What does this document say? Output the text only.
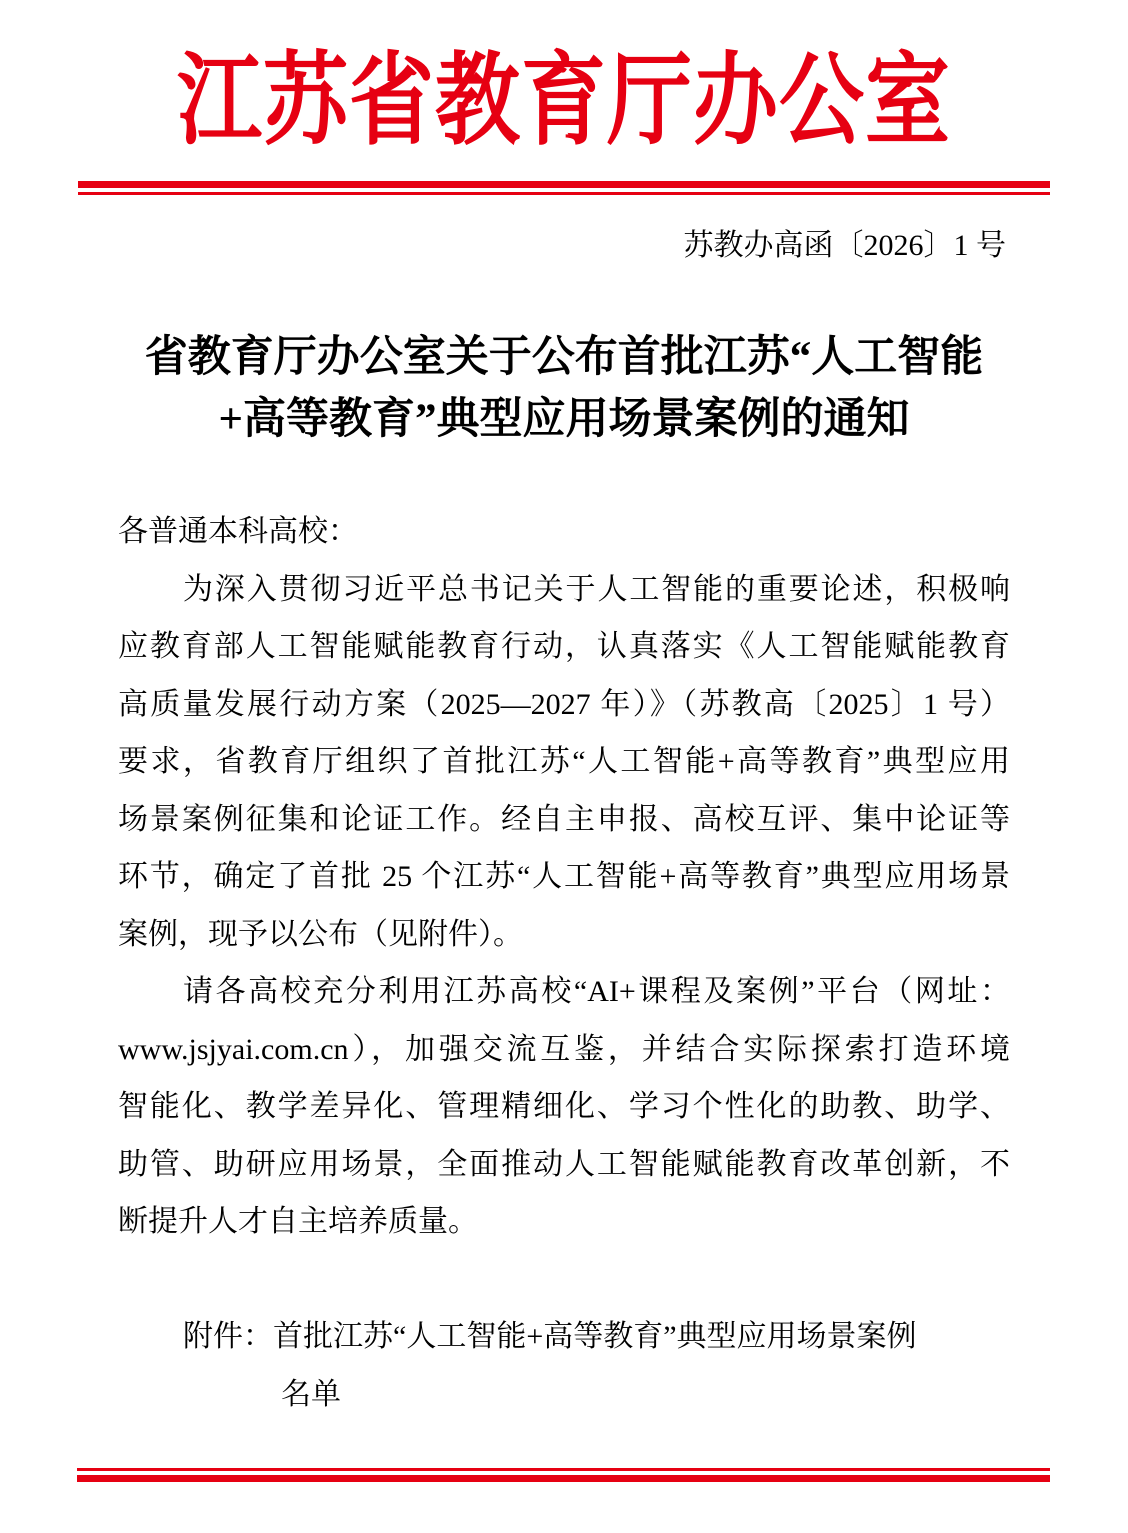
江苏省教育厅办公室
苏教办高函〔2026〕1 号
省教育厅办公室关于公布首批江苏“人工智能
+高等教育”典型应用场景案例的通知
各普通本科高校：
为深入贯彻习近平总书记关于人工智能的重要论述，积极响
应教育部人工智能赋能教育行动，认真落实《人工智能赋能教育
高质量发展行动方案（2025—2027 年）》（苏教高〔2025〕1 号）
要求，省教育厅组织了首批江苏“人工智能+高等教育”典型应用
场景案例征集和论证工作。经自主申报、高校互评、集中论证等
环节，确定了首批 25 个江苏“人工智能+高等教育”典型应用场景
案例，现予以公布（见附件）。
请各高校充分利用江苏高校“AI+课程及案例”平台（网址：
www.jsjyai.com.cn），加强交流互鉴，并结合实际探索打造环境
智能化、教学差异化、管理精细化、学习个性化的助教、助学、
助管、助研应用场景，全面推动人工智能赋能教育改革创新，不
断提升人才自主培养质量。
附件：首批江苏“人工智能+高等教育”典型应用场景案例
名单
